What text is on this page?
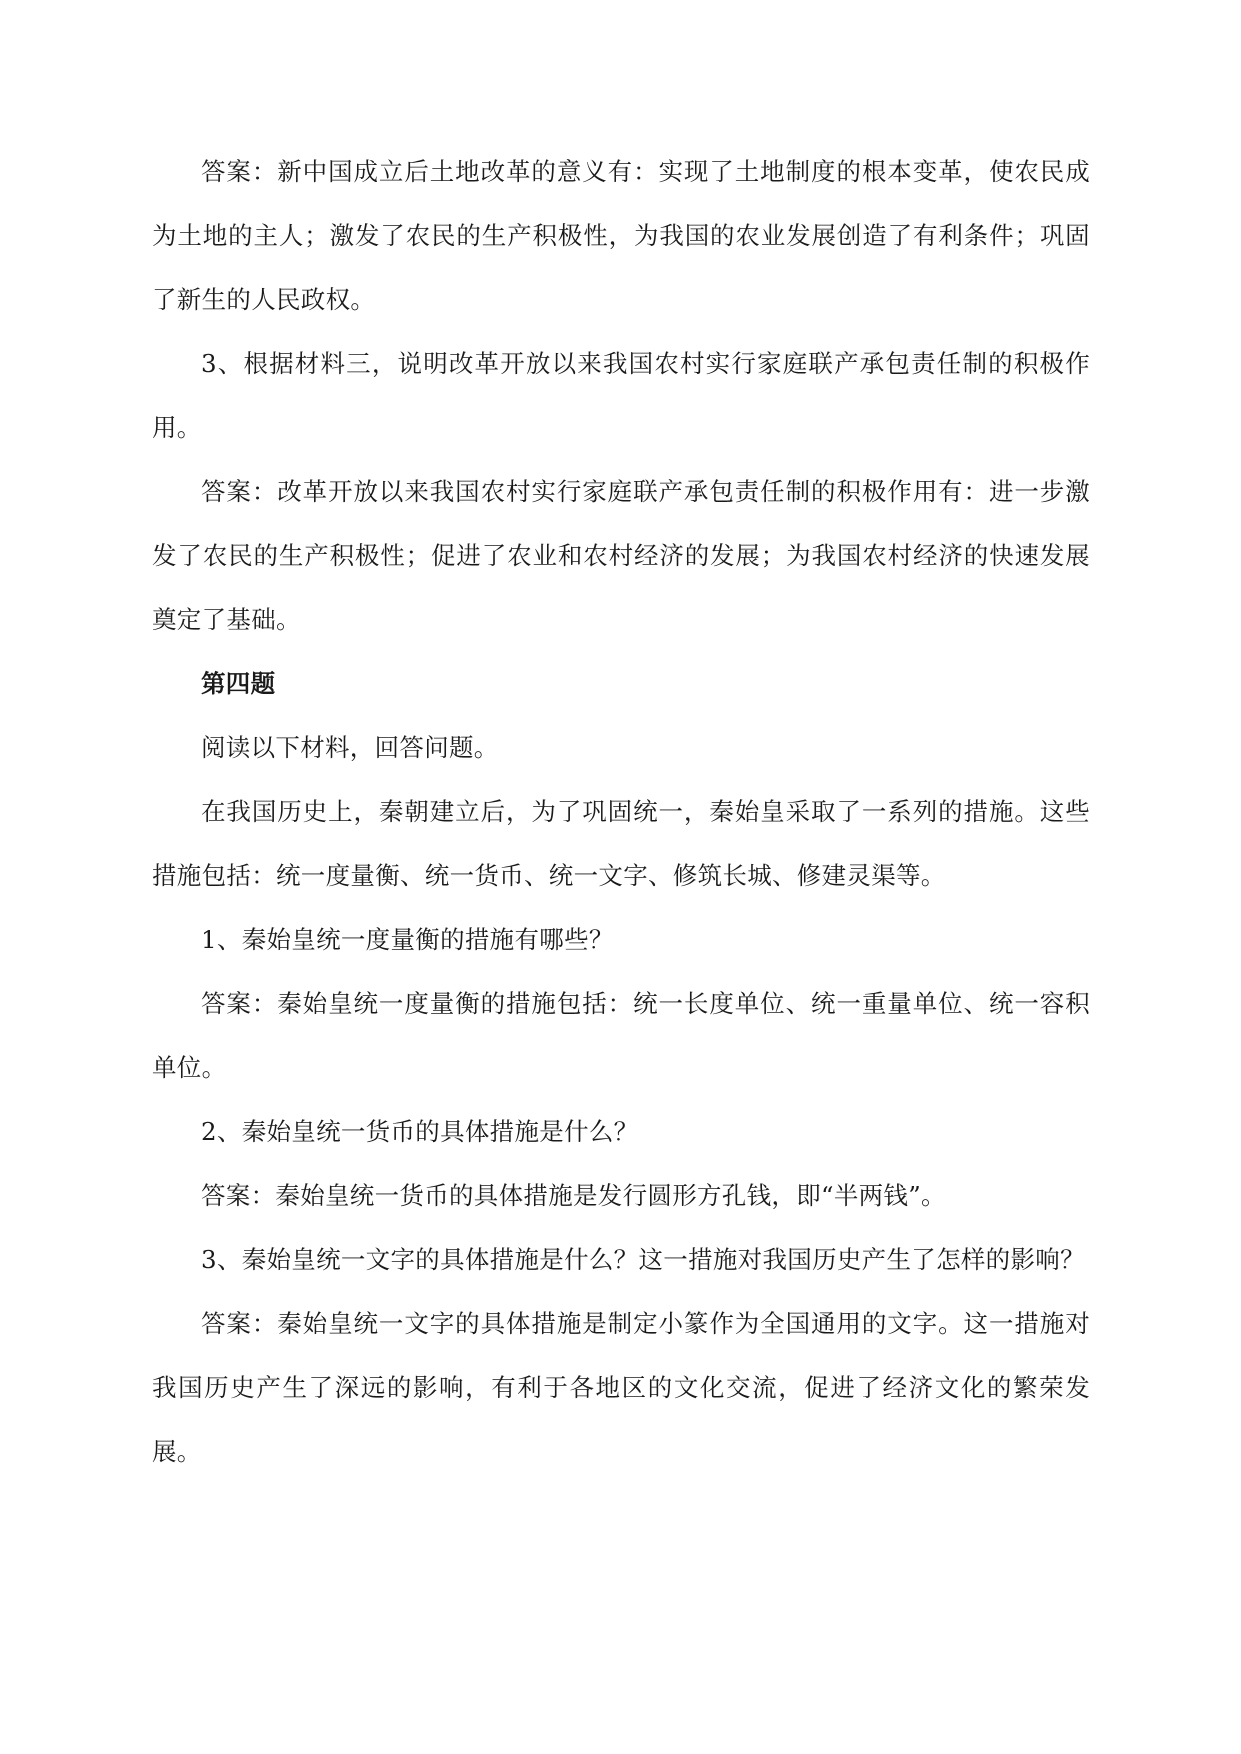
答案：新中国成立后土地改革的意义有：实现了土地制度的根本变革，使农民成为土地的主人；激发了农民的生产积极性，为我国的农业发展创造了有利条件；巩固了新生的人民政权。

3、根据材料三，说明改革开放以来我国农村实行家庭联产承包责任制的积极作用。

答案：改革开放以来我国农村实行家庭联产承包责任制的积极作用有：进一步激发了农民的生产积极性；促进了农业和农村经济的发展；为我国农村经济的快速发展奠定了基础。

第四题

阅读以下材料，回答问题。

在我国历史上，秦朝建立后，为了巩固统一，秦始皇采取了一系列的措施。这些措施包括：统一度量衡、统一货币、统一文字、修筑长城、修建灵渠等。

1、秦始皇统一度量衡的措施有哪些？

答案：秦始皇统一度量衡的措施包括：统一长度单位、统一重量单位、统一容积单位。

2、秦始皇统一货币的具体措施是什么？

答案：秦始皇统一货币的具体措施是发行圆形方孔钱，即“半两钱”。

3、秦始皇统一文字的具体措施是什么？这一措施对我国历史产生了怎样的影响？

答案：秦始皇统一文字的具体措施是制定小篆作为全国通用的文字。这一措施对我国历史产生了深远的影响，有利于各地区的文化交流，促进了经济文化的繁荣发展。
